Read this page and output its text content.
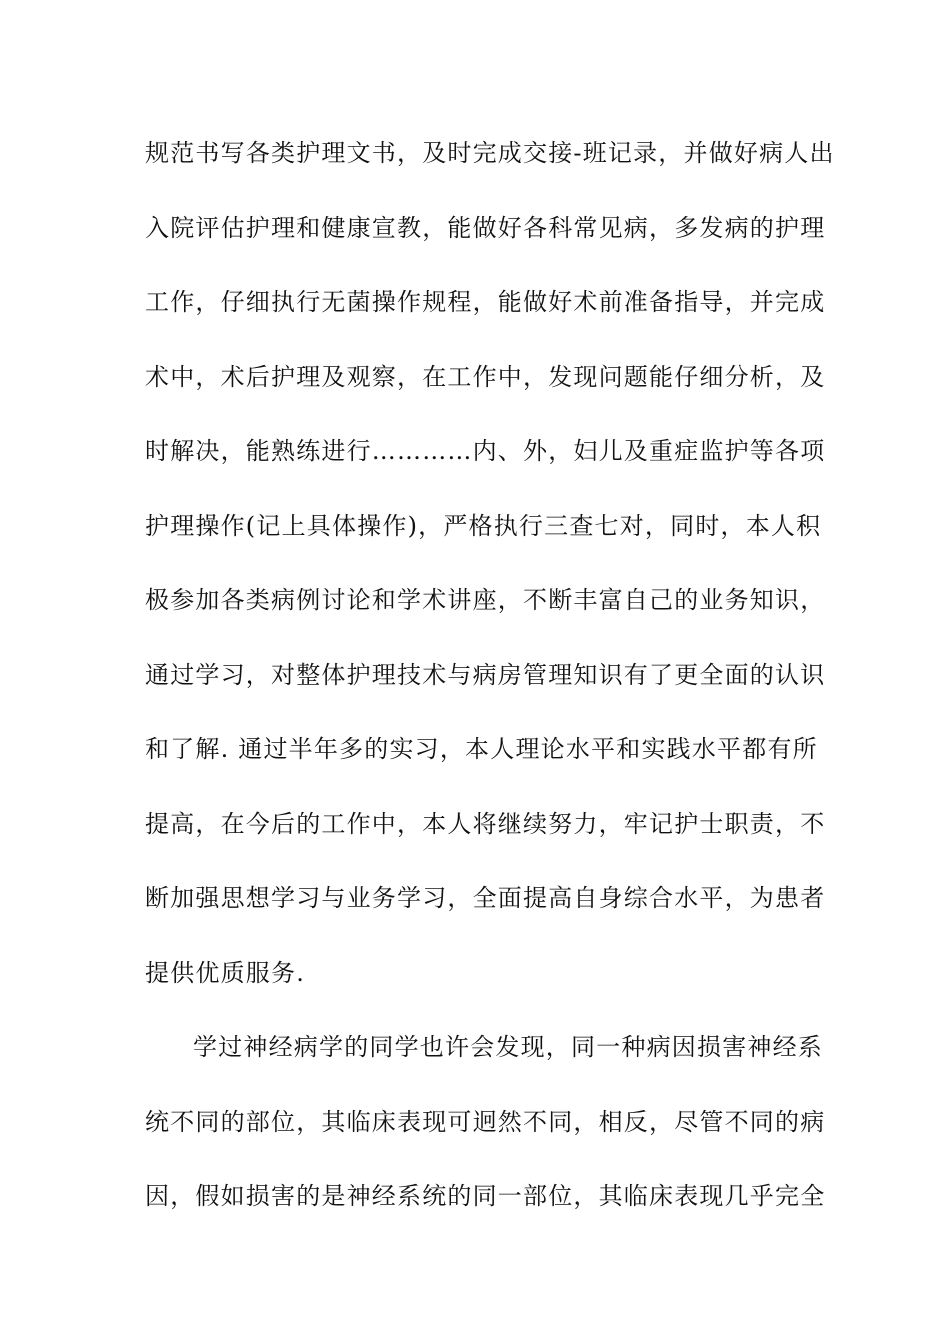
规范书写各类护理文书，及时完成交接-班记录，并做好病人出
入院评估护理和健康宣教，能做好各科常见病，多发病的护理
工作，仔细执行无菌操作规程，能做好术前准备指导，并完成
术中，术后护理及观察，在工作中，发现问题能仔细分析，及
时解决，能熟练进行…………内、外，妇儿及重症监护等各项
护理操作(记上具体操作)，严格执行三查七对，同时，本人积
极参加各类病例讨论和学术讲座，不断丰富自己的业务知识，
通过学习，对整体护理技术与病房管理知识有了更全面的认识
和了解. 通过半年多的实习，本人理论水平和实践水平都有所
提高，在今后的工作中，本人将继续努力，牢记护士职责，不
断加强思想学习与业务学习，全面提高自身综合水平，为患者
提供优质服务.
学过神经病学的同学也许会发现，同一种病因损害神经系
统不同的部位，其临床表现可迥然不同，相反，尽管不同的病
因，假如损害的是神经系统的同一部位，其临床表现几乎完全
